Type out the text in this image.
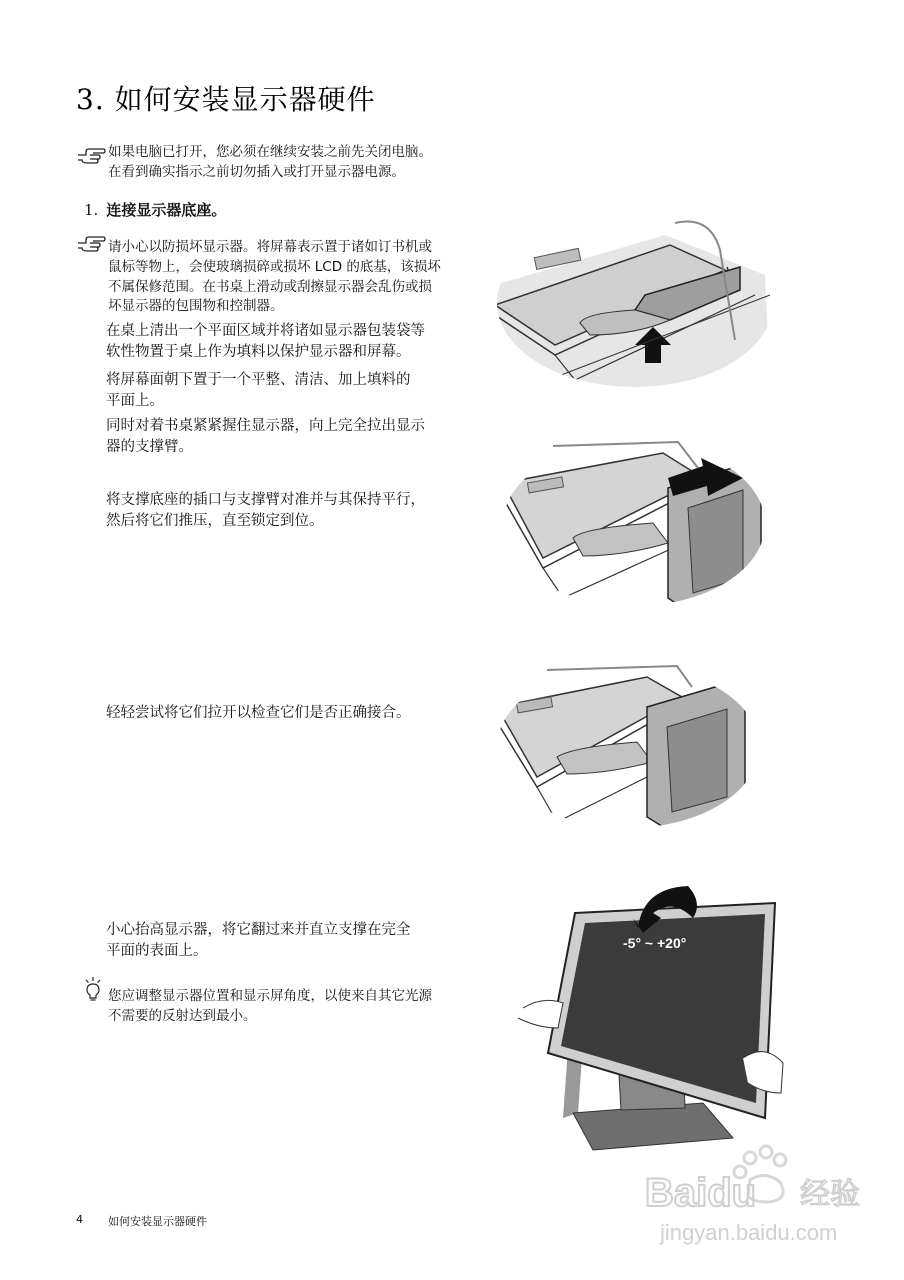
3. 如何安装显示器硬件
如果电脑已打开，您必须在继续安装之前先关闭电脑。
在看到确实指示之前切勿插入或打开显示器电源。
1. 连接显示器底座。
请小心以防损坏显示器。将屏幕表示置于诸如订书机或
鼠标等物上，会使玻璃损碎或损坏 LCD 的底基，该损坏
不属保修范围。在书桌上滑动或刮擦显示器会乱伤或损
坏显示器的包围物和控制器。
在桌上清出一个平面区域并将诸如显示器包装袋等
软性物置于桌上作为填料以保护显示器和屏幕。
将屏幕面朝下置于一个平整、清洁、加上填料的
平面上。
同时对着书桌紧紧握住显示器，向上完全拉出显示
器的支撑臂。
将支撑底座的插口与支撑臂对准并与其保持平行，
然后将它们推压，直至锁定到位。
轻轻尝试将它们拉开以检查它们是否正确接合。
小心抬高显示器，将它翻过来并直立支撑在完全
平面的表面上。
您应调整显示器位置和显示屏角度，以使来自其它光源
不需要的反射达到最小。
-5° ~ +20°
Baidu 经验
jingyan.baidu.com
4 如何安装显示器硬件
